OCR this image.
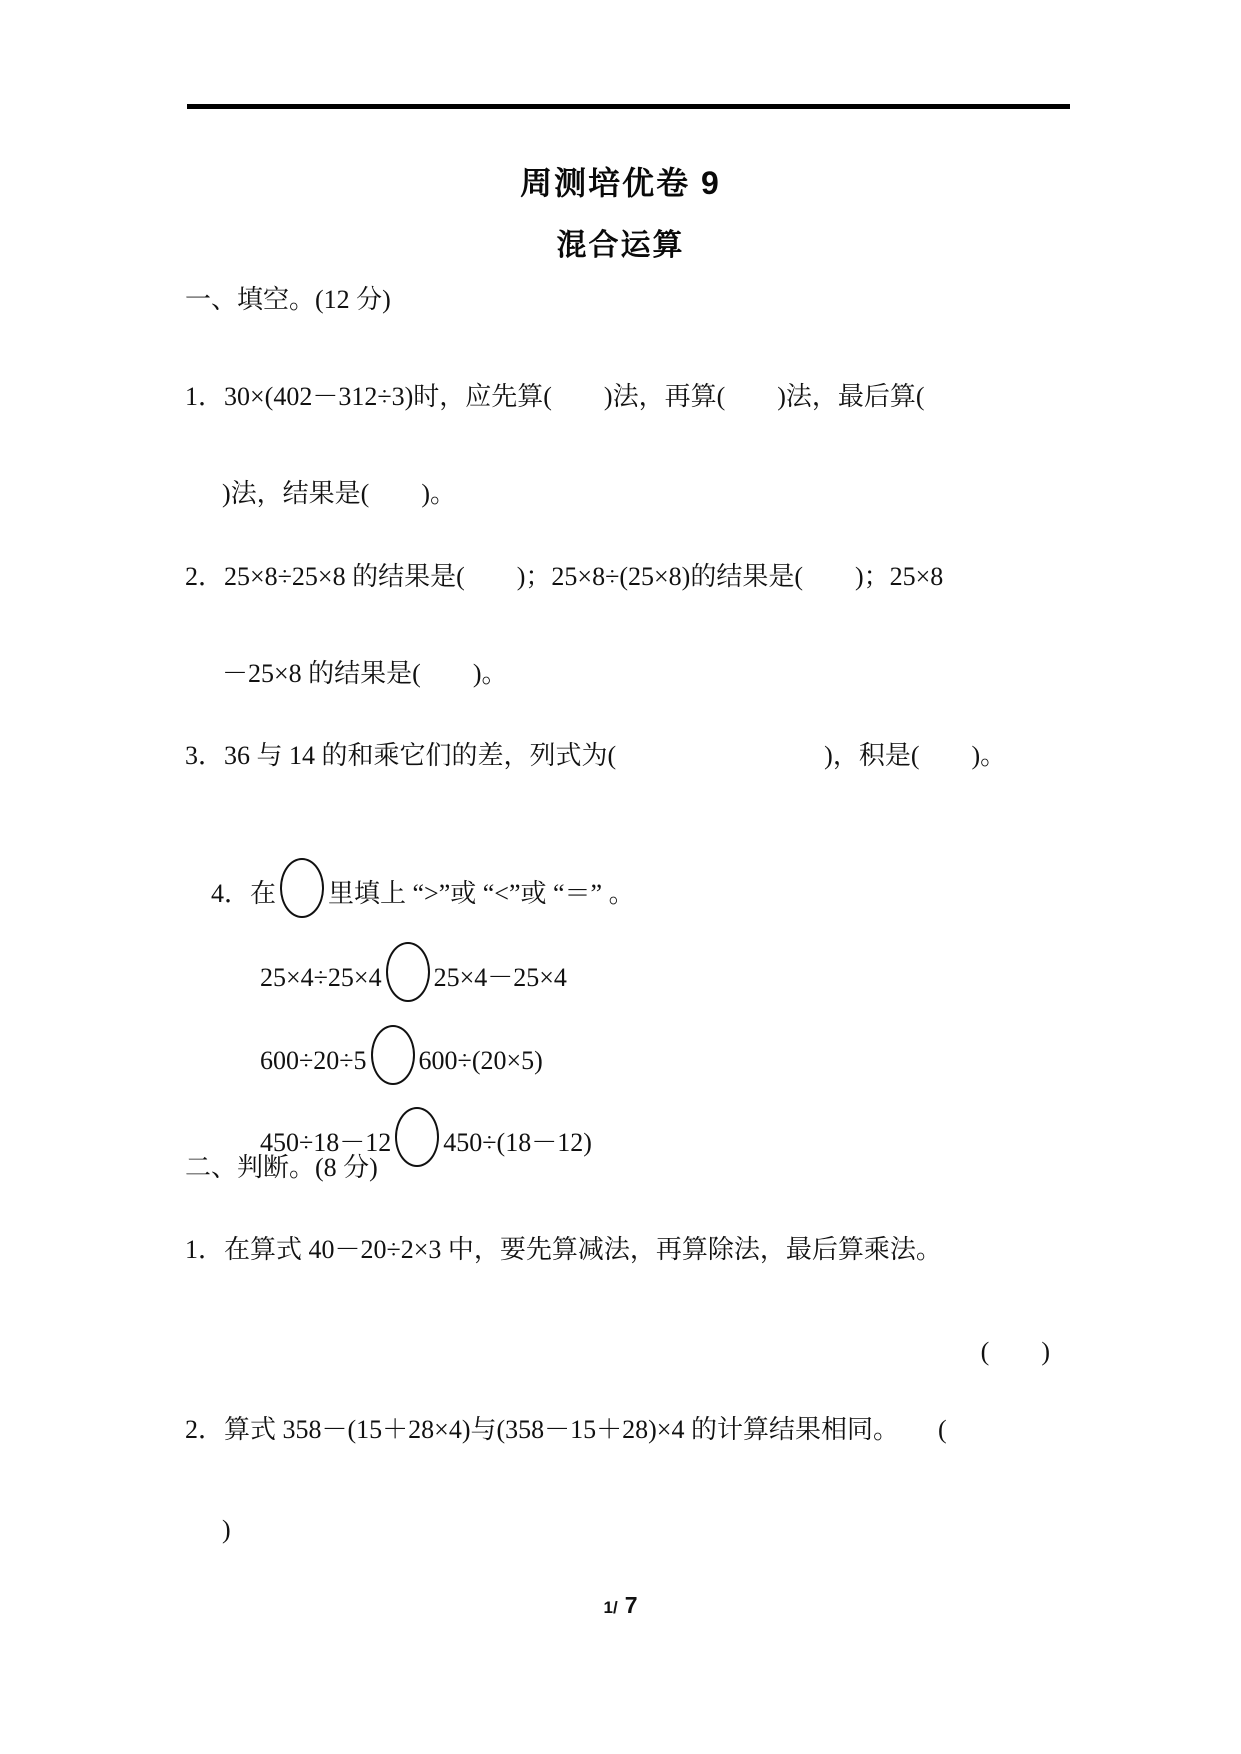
周测培优卷 9
混合运算
一、填空。(12 分)
1．30×(402－312÷3)时，应先算(　　)法，再算(　　)法，最后算(
)法，结果是(　　)。
2．25×8÷25×8 的结果是(　　)；25×8÷(25×8)的结果是(　　)；25×8
－25×8 的结果是(　　)。
3．36 与 14 的和乘它们的差，列式为(　　　　　　　　)，积是(　　)。

4．在 里填上 “>”或 “<”或 “＝” 。

25×4÷25×4 25×4－25×4

600÷20÷5 600÷(20×5)

450÷18－12 450÷(18－12)

二、判断。(8 分)
1．在算式 40－20÷2×3 中，要先算减法，再算除法，最后算乘法。
(　　)
2．算式 358－(15＋28×4)与(358－15＋28)×4 的计算结果相同。　　(
)
1/ 7
